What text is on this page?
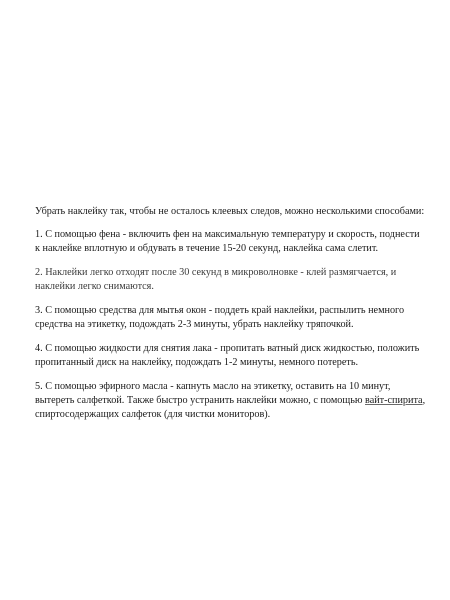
Убрать наклейку так, чтобы не осталось клеевых следов, можно несколькими способами:

1. С помощью фена - включить фен на максимальную температуру и скорость, поднести к наклейке вплотную и обдувать в течение 15-20 секунд, наклейка сама слетит.

2. Наклейки легко отходят после 30 секунд в микроволновке - клей размягчается, и наклейки легко снимаются.

3. С помощью средства для мытья окон - поддеть край наклейки, распылить немного средства на этикетку, подождать 2-3 минуты, убрать наклейку тряпочкой.

4. С помощью жидкости для снятия лака - пропитать ватный диск жидкостью, положить пропитанный диск на наклейку, подождать 1-2 минуты, немного потереть.

5. С помощью эфирного масла - капнуть масло на этикетку, оставить на 10 минут, вытереть салфеткой. Также быстро устранить наклейки можно, с помощью вайт-спирита, спиртосодержащих салфеток (для чистки мониторов).
